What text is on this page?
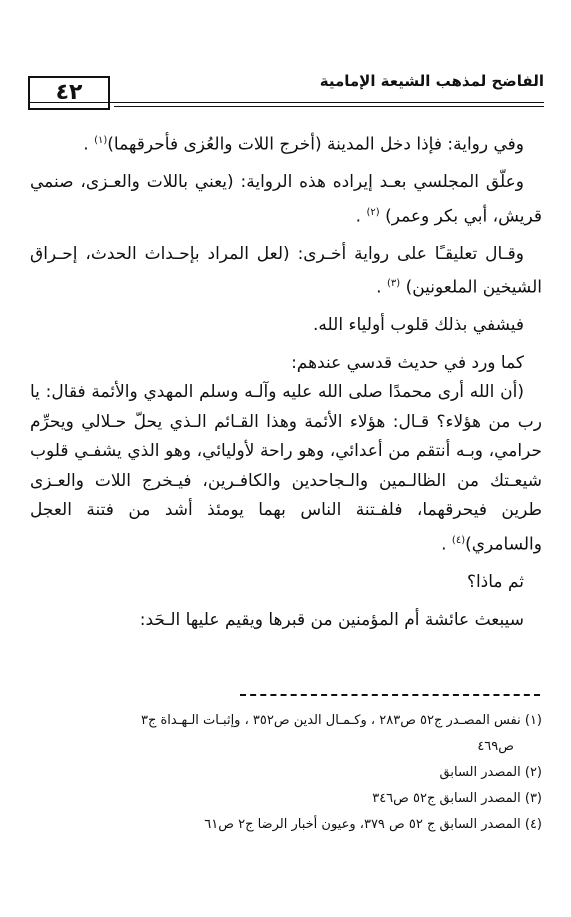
٤٢	الفاضح لمذهب الشيعة الإمامية

وفي رواية: فإذا دخل المدينة (أخرج اللات والعُزى فأحرقهما)$^{(١)}$ .

وعلّق المجلسي بعـد إيراده هذه الرواية: (يعني باللات والعـزى، صنمي قريش، أبي بكر وعمر) $^{(٢)}$ .

وقـال تعليقـًا على رواية أخـرى: (لعل المراد بإحـداث الحدث، إحـراق الشيخين الملعونين) $^{(٣)}$ .

فيشفي بذلك قلوب أولياء الله.

كما ورد في حديث قدسي عندهم:

(أن الله أرى محمدًا صلى الله عليه وآلـه وسلم المهدي والأئمة فقال: يا رب من هؤلاء؟ قـال: هؤلاء الأئمة وهذا القـائم الـذي يحلّ حـلالي ويحرِّم حرامي، وبـه أنتقم من أعدائي، وهو راحة لأوليائي، وهو الذي يشفـي قلوب شيعـتك من الظالـمين والـجاحدين والكافـرين، فيـخرج اللات والعـزى طرين فيحرقهما، فلفـتنة الناس بهما يومئذ أشد من فتنة العجل والسامري)$^{(٤)}$ .

ثم ماذا؟

سيبعث عائشة أم المؤمنين من قبرها ويقيم عليها الـحَد:

(١) نفس المصـدر ج٥٢ ص٢٨٣ ، وكـمـال الدين ص٣٥٢ ، وإثبـات الـهـداة ج٣
ص٤٦٩
(٢) المصدر السابق
(٣) المصدر السابق ج٥٢ ص٣٤٦
(٤) المصدر السابق ج ٥٢ ص ٣٧٩، وعيون أخبار الرضا ج٢ ص٦١
